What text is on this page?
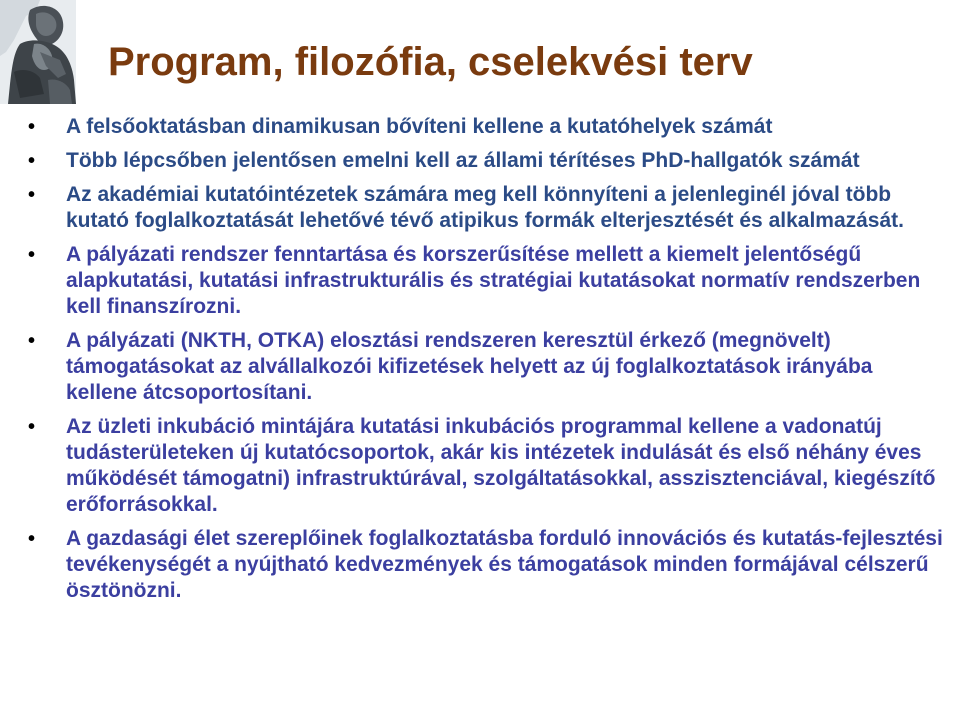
Program, filozófia, cselekvési terv
• A felsőoktatásban dinamikusan bővíteni kellene a kutatóhelyek számát
• Több lépcsőben jelentősen emelni kell az állami térítéses PhD-hallgatók számát
• Az akadémiai kutatóintézetek számára meg kell könnyíteni a jelenleginél jóval több kutató foglalkoztatását lehetővé tévő atipikus formák elterjesztését és alkalmazását.
• A pályázati rendszer fenntartása és korszerűsítése mellett a kiemelt jelentőségű alapkutatási, kutatási infrastrukturális és stratégiai kutatásokat normatív rendszerben kell finanszírozni.
• A pályázati (NKTH, OTKA) elosztási rendszeren keresztül érkező (megnövelt) támogatásokat az alvállalkozói kifizetések helyett az új foglalkoztatások irányába kellene átcsoportosítani.
• Az üzleti inkubáció mintájára kutatási inkubációs programmal kellene a vadonatúj tudásterületeken új kutatócsoportok, akár kis intézetek indulását és első néhány éves működését támogatni) infrastruktúrával, szolgáltatásokkal, asszisztenciával, kiegészítő erőforrásokkal.
• A gazdasági élet szereplőinek foglalkoztatásba forduló innovációs és kutatás-fejlesztési tevékenységét a nyújtható kedvezmények és támogatások minden formájával célszerű ösztönözni.
